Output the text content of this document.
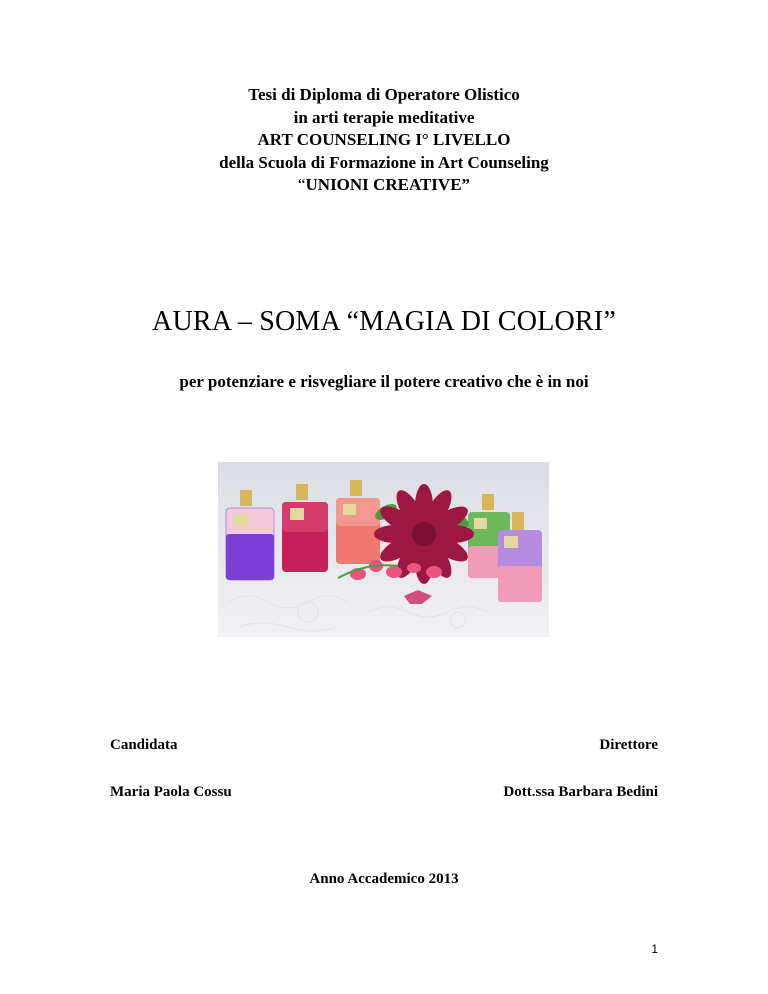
Tesi di Diploma di Operatore Olistico
in arti terapie meditative
ART COUNSELING I° LIVELLO
della Scuola di Formazione in Art Counseling
“UNIONI CREATIVE”
AURA – SOMA “MAGIA DI COLORI”
per potenziare e risvegliare il potere creativo che è in noi
Candidata
Maria Paola Cossu
Direttore
Dott.ssa Barbara Bedini
Anno Accademico 2013
1
